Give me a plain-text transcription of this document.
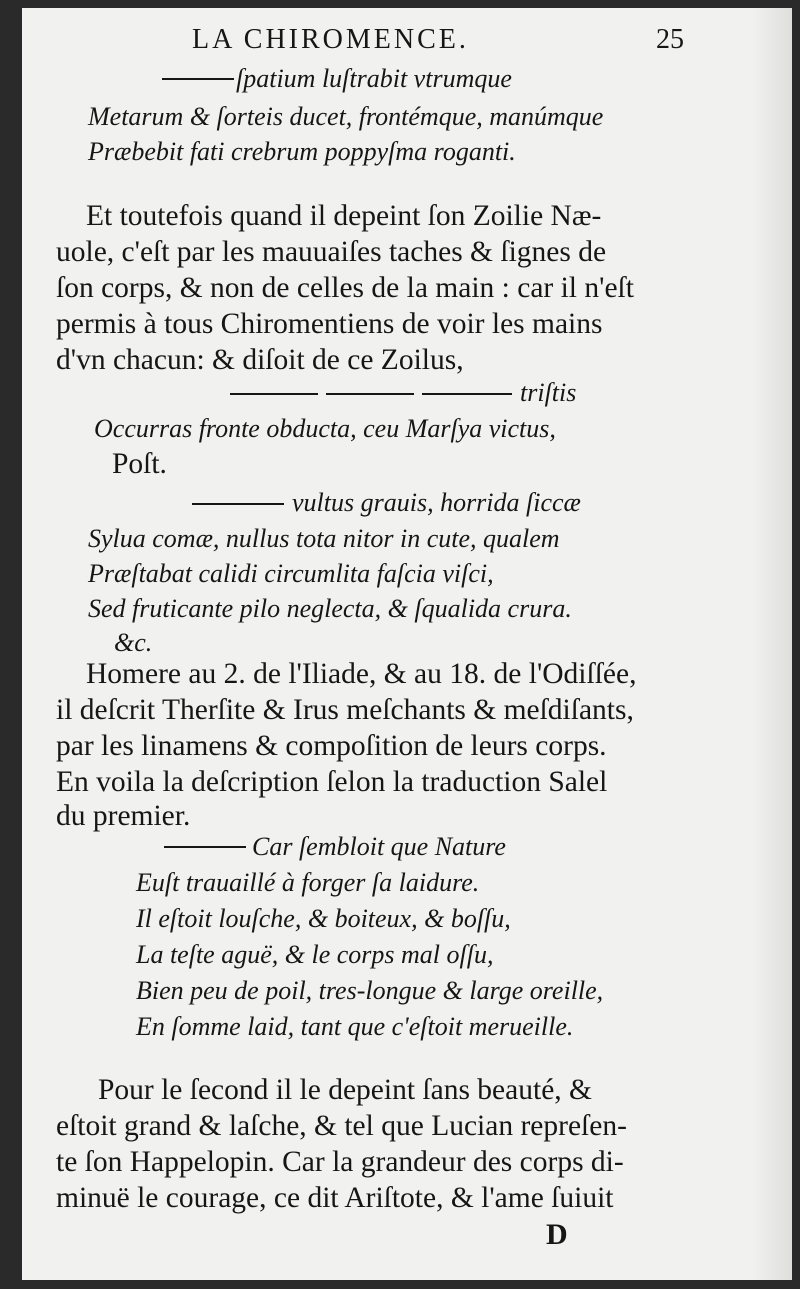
LA CHIROMENCE.	25
ſpatium luſtrabit vtrumque
Metarum & ſorteis ducet, frontémque, manúmque
Præbebit fati crebrum poppyſma roganti.
Et toutefois quand il depeint ſon Zoilie Næ-
uole, c'eſt par les mauuaiſes taches & ſignes de
ſon corps, & non de celles de la main : car il n'eſt
permis à tous Chiromentiens de voir les mains
d'vn chacun: & diſoit de ce Zoilus,
triſtis
Occurras fronte obducta, ceu Marſya victus,
Poſt.
vultus grauis, horrida ſiccæ
Sylua comæ, nullus tota nitor in cute, qualem
Præſtabat calidi circumlita faſcia viſci,
Sed fruticante pilo neglecta, & ſqualida crura.
&c.
Homere au 2. de l'Iliade, & au 18. de l'Odiſſée,
il deſcrit Therſite & Irus meſchants & meſdiſants,
par les linamens & compoſition de leurs corps.
En voila la deſcription ſelon la traduction Salel
du premier.
Car ſembloit que Nature
Euſt trauaillé à forger ſa laidure.
Il eſtoit louſche, & boiteux, & boſſu,
La teſte aguë, & le corps mal oſſu,
Bien peu de poil, tres-longue & large oreille,
En ſomme laid, tant que c'eſtoit merueille.
Pour le ſecond il le depeint ſans beauté, &
eſtoit grand & laſche, & tel que Lucian repreſen-
te ſon Happelopin. Car la grandeur des corps di-
minuë le courage, ce dit Ariſtote, & l'ame ſuiuit
D
